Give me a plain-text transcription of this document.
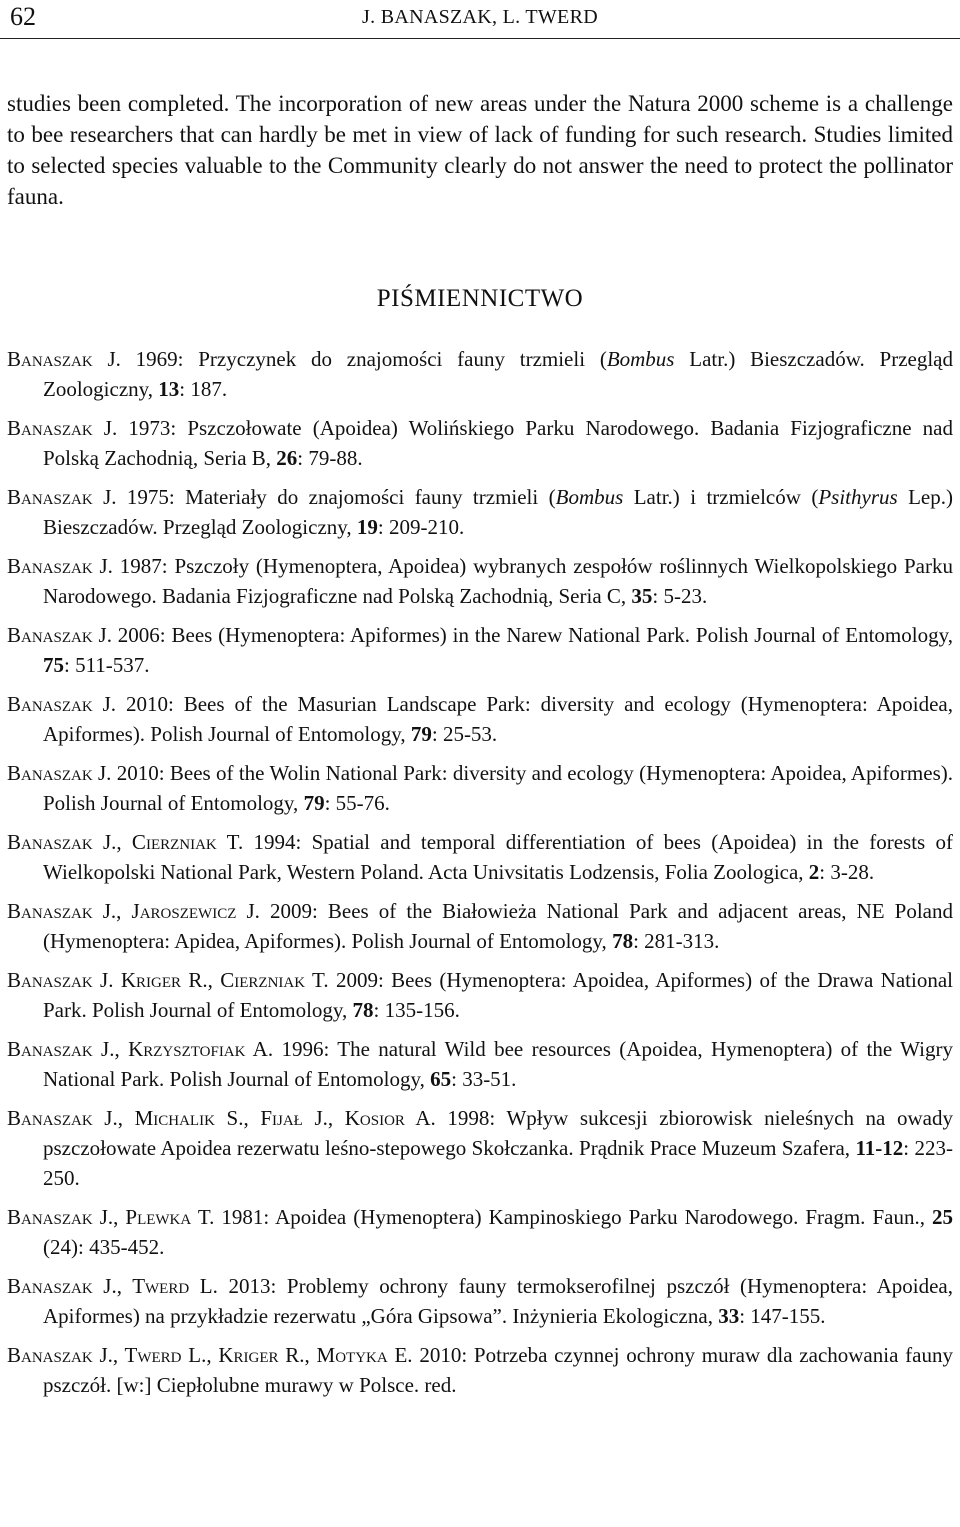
62	J. BANASZAK, L. TWERD

studies been completed. The incorporation of new areas under the Natura 2000 scheme is a challenge to bee researchers that can hardly be met in view of lack of funding for such research. Studies limited to selected species valuable to the Community clearly do not answer the need to protect the pollinator fauna.

PIŚMIENNICTWO

Banaszak J. 1969: Przyczynek do znajomości fauny trzmieli (Bombus Latr.) Bieszczadów. Przegląd Zoologiczny, 13: 187.

Banaszak J. 1973: Pszczołowate (Apoidea) Wolińskiego Parku Narodowego. Badania Fizjograficzne nad Polską Zachodnią, Seria B, 26: 79-88.

Banaszak J. 1975: Materiały do znajomości fauny trzmieli (Bombus Latr.) i trzmielców (Psithyrus Lep.) Bieszczadów. Przegląd Zoologiczny, 19: 209-210.

Banaszak J. 1987: Pszczoły (Hymenoptera, Apoidea) wybranych zespołów roślinnych Wielkopolskiego Parku Narodowego. Badania Fizjograficzne nad Polską Zachodnią, Seria C, 35: 5-23.

Banaszak J. 2006: Bees (Hymenoptera: Apiformes) in the Narew National Park. Polish Journal of Entomology, 75: 511-537.

Banaszak J. 2010: Bees of the Masurian Landscape Park: diversity and ecology (Hymenoptera: Apoidea, Apiformes). Polish Journal of Entomology, 79: 25-53.

Banaszak J. 2010: Bees of the Wolin National Park: diversity and ecology (Hymenoptera: Apoidea, Apiformes). Polish Journal of Entomology, 79: 55-76.

Banaszak J., Cierzniak T. 1994: Spatial and temporal differentiation of bees (Apoidea) in the forests of Wielkopolski National Park, Western Poland. Acta Univsitatis Lodzensis, Folia Zoologica, 2: 3-28.

Banaszak J., Jaroszewicz J. 2009: Bees of the Białowieża National Park and adjacent areas, NE Poland (Hymenoptera: Apidea, Apiformes). Polish Journal of Entomology, 78: 281-313.

Banaszak J. Kriger R., Cierzniak T. 2009: Bees (Hymenoptera: Apoidea, Apiformes) of the Drawa National Park. Polish Journal of Entomology, 78: 135-156.

Banaszak J., Krzysztofiak A. 1996: The natural Wild bee resources (Apoidea, Hymenoptera) of the Wigry National Park. Polish Journal of Entomology, 65: 33-51.

Banaszak J., Michalik S., Fijał J., Kosior A. 1998: Wpływ sukcesji zbiorowisk nieleśnych na owady pszczołowate Apoidea rezerwatu leśno-stepowego Skołczanka. Prądnik Prace Muzeum Szafera, 11-12: 223-250.

Banaszak J., Plewka T. 1981: Apoidea (Hymenoptera) Kampinoskiego Parku Narodowego. Fragm. Faun., 25 (24): 435-452.

Banaszak J., Twerd L. 2013: Problemy ochrony fauny termokserofilnej pszczół (Hymenoptera: Apoidea, Apiformes) na przykładzie rezerwatu „Góra Gipsowa”. Inżynieria Ekologiczna, 33: 147-155.

Banaszak J., Twerd L., Kriger R., Motyka E. 2010: Potrzeba czynnej ochrony muraw dla zachowania fauny pszczół. [w:] Ciepłolubne murawy w Polsce. red.
